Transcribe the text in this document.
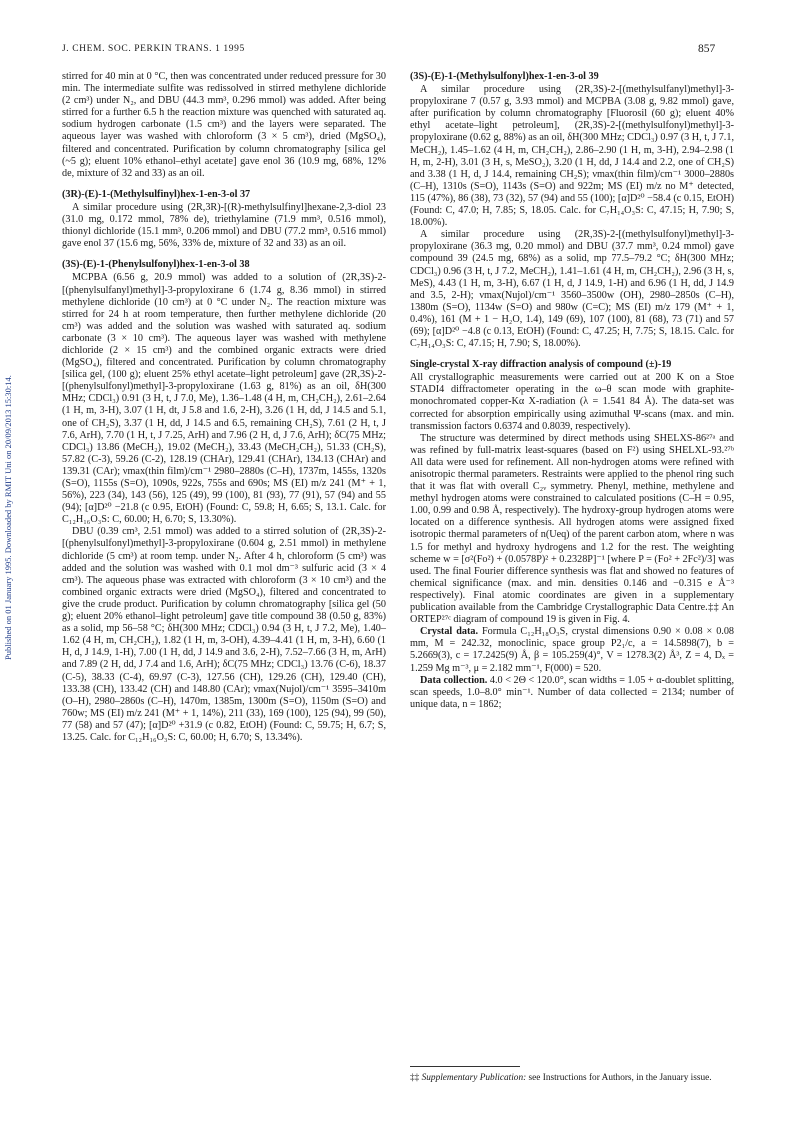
J. CHEM. SOC. PERKIN TRANS. 1 1995	857
Published on 01 January 1995. Downloaded by RMIT Uni on 20/09/2013 15:30:14.

stirred for 40 min at 0 °C, then was concentrated under reduced pressure for 30 min. The intermediate sulfite was redissolved in stirred methylene dichloride (2 cm³) under N₂, and DBU (44.3 mm³, 0.296 mmol) was added. After being stirred for a further 6.5 h the reaction mixture was quenched with saturated aq. sodium hydrogen carbonate (1.5 cm³) and the layers were separated. The aqueous layer was washed with chloroform (3 × 5 cm³), dried (MgSO₄), filtered and concentrated. Purification by column chromatography [silica gel (~5 g); eluent 10% ethanol–ethyl acetate] gave enol 36 (10.9 mg, 68%, 12% de, mixture of 32 and 33) as an oil.

(3R)-(E)-1-(Methylsulfinyl)hex-1-en-3-ol 37

A similar procedure using (2R,3R)-[(R)-methylsulfinyl]hexane-2,3-diol 23 (31.0 mg, 0.172 mmol, 78% de), triethylamine (71.9 mm³, 0.516 mmol), thionyl dichloride (15.1 mm³, 0.206 mmol) and DBU (77.2 mm³, 0.516 mmol) gave enol 37 (15.6 mg, 56%, 33% de, mixture of 32 and 33) as an oil.

(3S)-(E)-1-(Phenylsulfonyl)hex-1-en-3-ol 38

MCPBA (6.56 g, 20.9 mmol) was added to a solution of (2R,3S)-2-[(phenylsulfanyl)methyl]-3-propyloxirane 6 (1.74 g, 8.36 mmol) in stirred methylene dichloride (10 cm³) at 0 °C under N₂. The reaction mixture was stirred for 24 h at room temperature, then further methylene dichloride (20 cm³) was added and the solution was washed with saturated aq. sodium carbonate (3 × 10 cm³). The aqueous layer was washed with methylene dichloride (2 × 15 cm³) and the combined organic extracts were dried (MgSO₄), filtered and concentrated. Purification by column chromatography [silica gel, (100 g); eluent 25% ethyl acetate–light petroleum] gave (2R,3S)-2-[(phenylsulfonyl)methyl]-3-propyloxirane (1.63 g, 81%) as an oil, δH(300 MHz; CDCl₃) 0.91 (3 H, t, J 7.0, Me), 1.36–1.48 (4 H, m, CH₂CH₂), 2.61–2.64 (1 H, m, 3-H), 3.07 (1 H, dt, J 5.8 and 1.6, 2-H), 3.26 (1 H, dd, J 14.5 and 5.1, one of CH₂S), 3.37 (1 H, dd, J 14.5 and 6.5, remaining CH₂S), 7.61 (2 H, t, J 7.6, ArH), 7.70 (1 H, t, J 7.25, ArH) and 7.96 (2 H, d, J 7.6, ArH); δC(75 MHz; CDCl₃) 13.86 (MeCH₂), 19.02 (MeCH₂), 33.43 (MeCH₂CH₂), 51.33 (CH₂S), 57.82 (C-3), 59.26 (C-2), 128.19 (CHAr), 129.41 (CHAr), 134.13 (CHAr) and 139.31 (CAr); νmax(thin film)/cm⁻¹ 2980–2880s (C–H), 1737m, 1455s, 1320s (S=O), 1155s (S=O), 1090s, 922s, 755s and 690s; MS (EI) m/z 241 (M⁺ + 1, 56%), 223 (34), 143 (56), 125 (49), 99 (100), 81 (93), 77 (91), 57 (94) and 55 (94); [α]D²⁰ −21.8 (c 0.95, EtOH) (Found: C, 59.8; H, 6.65; S, 13.1. Calc. for C₁₂H₁₆O₃S: C, 60.00; H, 6.70; S, 13.30%).

DBU (0.39 cm³, 2.51 mmol) was added to a stirred solution of (2R,3S)-2-[(phenylsulfonyl)methyl]-3-propyloxirane (0.604 g, 2.51 mmol) in methylene dichloride (5 cm³) at room temp. under N₂. After 4 h, chloroform (5 cm³) was added and the solution was washed with 0.1 mol dm⁻³ sulfuric acid (3 × 4 cm³). The aqueous phase was extracted with chloroform (3 × 10 cm³) and the combined organic extracts were dried (MgSO₄), filtered and concentrated to give the crude product. Purification by column chromatography [silica gel (50 g); eluent 20% ethanol–light petroleum] gave title compound 38 (0.50 g, 83%) as a solid, mp 56–58 °C; δH(300 MHz; CDCl₃) 0.94 (3 H, t, J 7.2, Me), 1.40–1.62 (4 H, m, CH₂CH₂), 1.82 (1 H, m, 3-OH), 4.39–4.41 (1 H, m, 3-H), 6.60 (1 H, d, J 14.9, 1-H), 7.00 (1 H, dd, J 14.9 and 3.6, 2-H), 7.52–7.66 (3 H, m, ArH) and 7.89 (2 H, dd, J 7.4 and 1.6, ArH); δC(75 MHz; CDCl₃) 13.76 (C-6), 18.37 (C-5), 38.33 (C-4), 69.97 (C-3), 127.56 (CH), 129.26 (CH), 129.40 (CH), 133.38 (CH), 133.42 (CH) and 148.80 (CAr); νmax(Nujol)/cm⁻¹ 3595–3410m (O–H), 2980–2860s (C–H), 1470m, 1385m, 1300m (S=O), 1150m (S=O) and 760w; MS (EI) m/z 241 (M⁺ + 1, 14%), 211 (33), 169 (100), 125 (94), 99 (50), 77 (58) and 57 (47); [α]D²⁰ +31.9 (c 0.82, EtOH) (Found: C, 59.75; H, 6.7; S, 13.25. Calc. for C₁₂H₁₆O₃S: C, 60.00; H, 6.70; S, 13.34%).

(3S)-(E)-1-(Methylsulfonyl)hex-1-en-3-ol 39

A similar procedure using (2R,3S)-2-[(methylsulfanyl)methyl]-3-propyloxirane 7 (0.57 g, 3.93 mmol) and MCPBA (3.08 g, 9.82 mmol) gave, after purification by column chromatography [Fluorosil (60 g); eluent 40% ethyl acetate–light petroleum], (2R,3S)-2-[(methylsulfonyl)methyl]-3-propyloxirane (0.62 g, 88%) as an oil, δH(300 MHz; CDCl₃) 0.97 (3 H, t, J 7.1, MeCH₂), 1.45–1.62 (4 H, m, CH₂CH₂), 2.86–2.90 (1 H, m, 3-H), 2.94–2.98 (1 H, m, 2-H), 3.01 (3 H, s, MeSO₂), 3.20 (1 H, dd, J 14.4 and 2.2, one of CH₂S) and 3.38 (1 H, d, J 14.4, remaining CH₂S); νmax(thin film)/cm⁻¹ 3000–2880s (C–H), 1310s (S=O), 1143s (S=O) and 922m; MS (EI) m/z no M⁺ detected, 115 (47%), 86 (38), 73 (32), 57 (94) and 55 (100); [α]D²⁰ −58.4 (c 0.15, EtOH) (Found: C, 47.0; H, 7.85; S, 18.05. Calc. for C₇H₁₄O₃S: C, 47.15; H, 7.90; S, 18.00%).

A similar procedure using (2R,3S)-2-[(methylsulfonyl)methyl]-3-propyloxirane (36.3 mg, 0.20 mmol) and DBU (37.7 mm³, 0.24 mmol) gave compound 39 (24.5 mg, 68%) as a solid, mp 77.5–79.2 °C; δH(300 MHz; CDCl₃) 0.96 (3 H, t, J 7.2, MeCH₂), 1.41–1.61 (4 H, m, CH₂CH₂), 2.96 (3 H, s, MeS), 4.43 (1 H, m, 3-H), 6.67 (1 H, d, J 14.9, 1-H) and 6.96 (1 H, dd, J 14.9 and 3.5, 2-H); νmax(Nujol)/cm⁻¹ 3560–3500w (OH), 2980–2850s (C–H), 1380m (S=O), 1134w (S=O) and 980w (C=C); MS (EI) m/z 179 (M⁺ + 1, 0.4%), 161 (M + 1 − H₂O, 1.4), 149 (69), 107 (100), 81 (68), 73 (71) and 57 (69); [α]D²⁰ −4.8 (c 0.13, EtOH) (Found: C, 47.25; H, 7.75; S, 18.15. Calc. for C₇H₁₄O₃S: C, 47.15; H, 7.90; S, 18.00%).

Single-crystal X-ray diffraction analysis of compound (±)-19

All crystallographic measurements were carried out at 200 K on a Stoe STADI4 diffractometer operating in the ω–θ scan mode with graphite-monochromated copper-Kα X-radiation (λ = 1.541 84 Å). The data-set was corrected for absorption empirically using azimuthal Ψ-scans (max. and min. transmission factors 0.6374 and 0.8039, respectively).

The structure was determined by direct methods using SHELXS-86²⁷ᵃ and was refined by full-matrix least-squares (based on F²) using SHELXL-93.²⁷ᵇ All data were used for refinement. All non-hydrogen atoms were refined with anisotropic thermal parameters. Restraints were applied to the phenol ring such that it was flat with overall C₂ᵥ symmetry. Phenyl, methine, methylene and methyl hydrogen atoms were constrained to calculated positions (C–H = 0.95, 1.00, 0.99 and 0.98 Å, respectively). The hydroxy-group hydrogen atoms were located on a difference synthesis. All hydrogen atoms were assigned fixed isotropic thermal parameters of n(Ueq) of the parent carbon atom, where n was 1.5 for methyl and hydroxy hydrogens and 1.2 for the rest. The weighting scheme w = [σ²(Fo²) + (0.0578P)² + 0.2328P]⁻¹ [where P = (Fo² + 2Fc²)/3] was used. The final Fourier difference synthesis was flat and showed no features of chemical significance (max. and min. densities 0.146 and −0.315 e Å⁻³ respectively). Final atomic coordinates are given in a supplementary publication available from the Cambridge Crystallographic Data Centre.‡‡ An ORTEP²⁷ᶜ diagram of compound 19 is given in Fig. 4.

Crystal data. Formula C₁₂H₁₈O₃S, crystal dimensions 0.90 × 0.08 × 0.08 mm, M = 242.32, monoclinic, space group P2₁/c, a = 14.5898(7), b = 5.2669(3), c = 17.2425(9) Å, β = 105.259(4)°, V = 1278.3(2) Å³, Z = 4, Dₓ = 1.259 Mg m⁻³, μ = 2.182 mm⁻¹, F(000) = 520.

Data collection. 4.0 < 2Θ < 120.0°, scan widths = 1.05 + α-doublet splitting, scan speeds, 1.0–8.0° min⁻¹. Number of data collected = 2134; number of unique data, n = 1862;

‡‡ Supplementary Publication: see Instructions for Authors, in the January issue.
